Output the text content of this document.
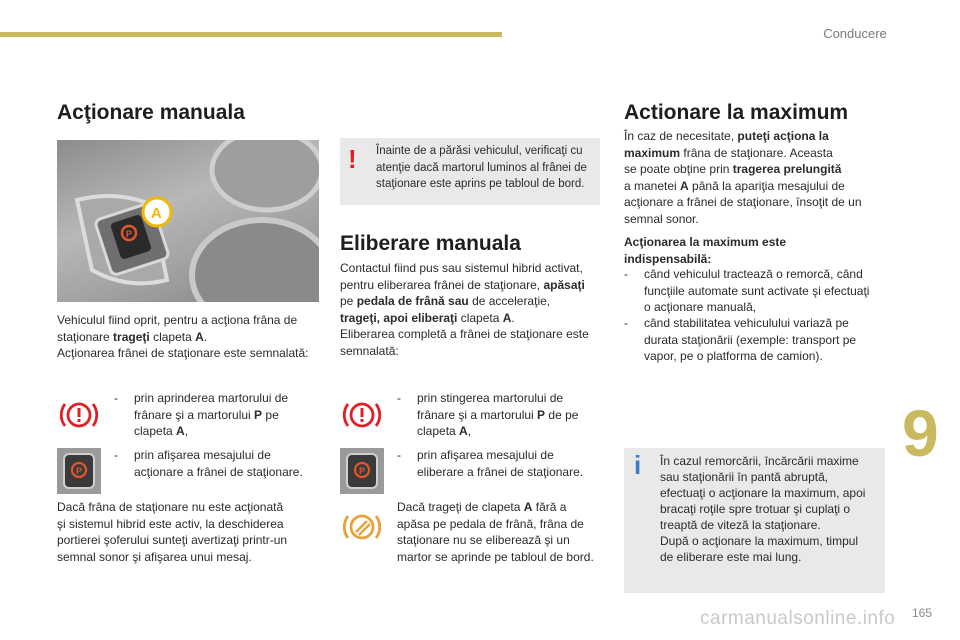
Conducere
9
Acţionare manuala
P
A
Vehiculul fiind oprit, pentru a acţiona frâna de
staţionare trageţi clapeta A.
Acţionarea frânei de staţionare este semnalată:
-	prin aprinderea martorului de
frânare şi a martorului P pe
clapeta A,
P
-	prin afişarea mesajului de
acţionare a frânei de staţionare.
Dacă frâna de staţionare nu este acţionată
şi sistemul hibrid este activ, la deschiderea
portierei şoferului sunteţi avertizaţi printr-un
semnal sonor şi afişarea unui mesaj.
! Înainte de a părăsi vehiculul, verificaţi cu
atenţie dacă martorul luminos al frânei de
staţionare este aprins pe tabloul de bord.
Eliberare manuala
Contactul fiind pus sau sistemul hibrid activat,
pentru eliberarea frânei de staţionare, apăsaţi
pe pedala de frână sau de acceleraţie,
trageţi, apoi eliberaţi clapeta A.
Eliberarea completă a frânei de staţionare este
semnalată:
-	prin stingerea martorului de
frânare şi a martorului P de pe
clapeta A,
P
-	prin afişarea mesajului de
eliberare a frânei de staţionare.
Dacă trageţi de clapeta A fără a
apăsa pe pedala de frână, frâna de
staţionare nu se eliberează şi un
martor se aprinde pe tabloul de bord.
Actionare la maximum
În caz de necesitate, puteţi acţiona la
maximum frâna de staţionare. Aceasta
se poate obţine prin tragerea prelungită
a manetei A până la apariţia mesajului de
acţionare a frânei de staţionare, însoţit de un
semnal sonor.
Acţionarea la maximum este
indispensabilă:
-	când vehiculul tractează o remorcă, când
funcţiile automate sunt activate şi efectuaţi
o acţionare manuală,
-	când stabilitatea vehiculului variază pe
durata staţionării (exemple: transport pe
vapor, pe o platforma de camion).
i În cazul remorcării, încărcării maxime
sau staţionării în pantă abruptă,
efectuaţi o acţionare la maximum, apoi
bracaţi roţile spre trotuar şi cuplaţi o
treaptă de viteză la staţionare.
După o acţionare la maximum, timpul
de eliberare este mai lung.
carmanualsonline.info 165
